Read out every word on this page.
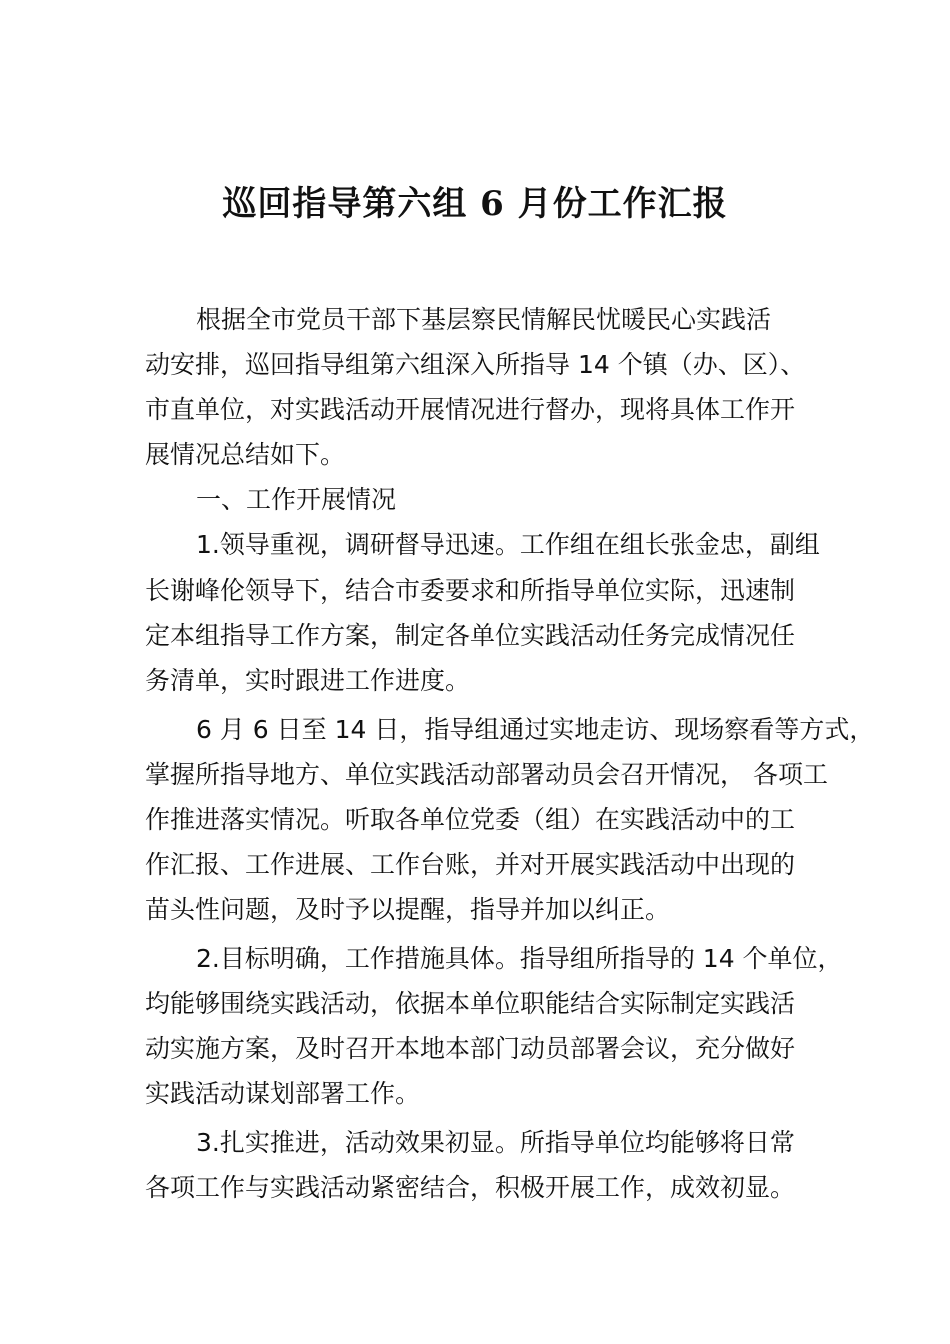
巡回指导第六组 6 月份工作汇报
根据全市党员干部下基层察民情解民忧暖民心实践活
动安排，巡回指导组第六组深入所指导 14 个镇（办、区）、
市直单位，对实践活动开展情况进行督办，现将具体工作开
展情况总结如下。
一、工作开展情况
1.领导重视，调研督导迅速。工作组在组长张金忠，副组
长谢峰伦领导下，结合市委要求和所指导单位实际，迅速制
定本组指导工作方案，制定各单位实践活动任务完成情况任
务清单，实时跟进工作进度。
6 月 6 日至 14 日，指导组通过实地走访、现场察看等方式，
掌握所指导地方、单位实践活动部署动员会召开情况， 各项工
作推进落实情况。听取各单位党委（组）在实践活动中的工
作汇报、工作进展、工作台账，并对开展实践活动中出现的
苗头性问题，及时予以提醒，指导并加以纠正。
2.目标明确，工作措施具体。指导组所指导的 14 个单位，
均能够围绕实践活动，依据本单位职能结合实际制定实践活
动实施方案，及时召开本地本部门动员部署会议，充分做好
实践活动谋划部署工作。
3.扎实推进，活动效果初显。所指导单位均能够将日常
各项工作与实践活动紧密结合，积极开展工作，成效初显。
